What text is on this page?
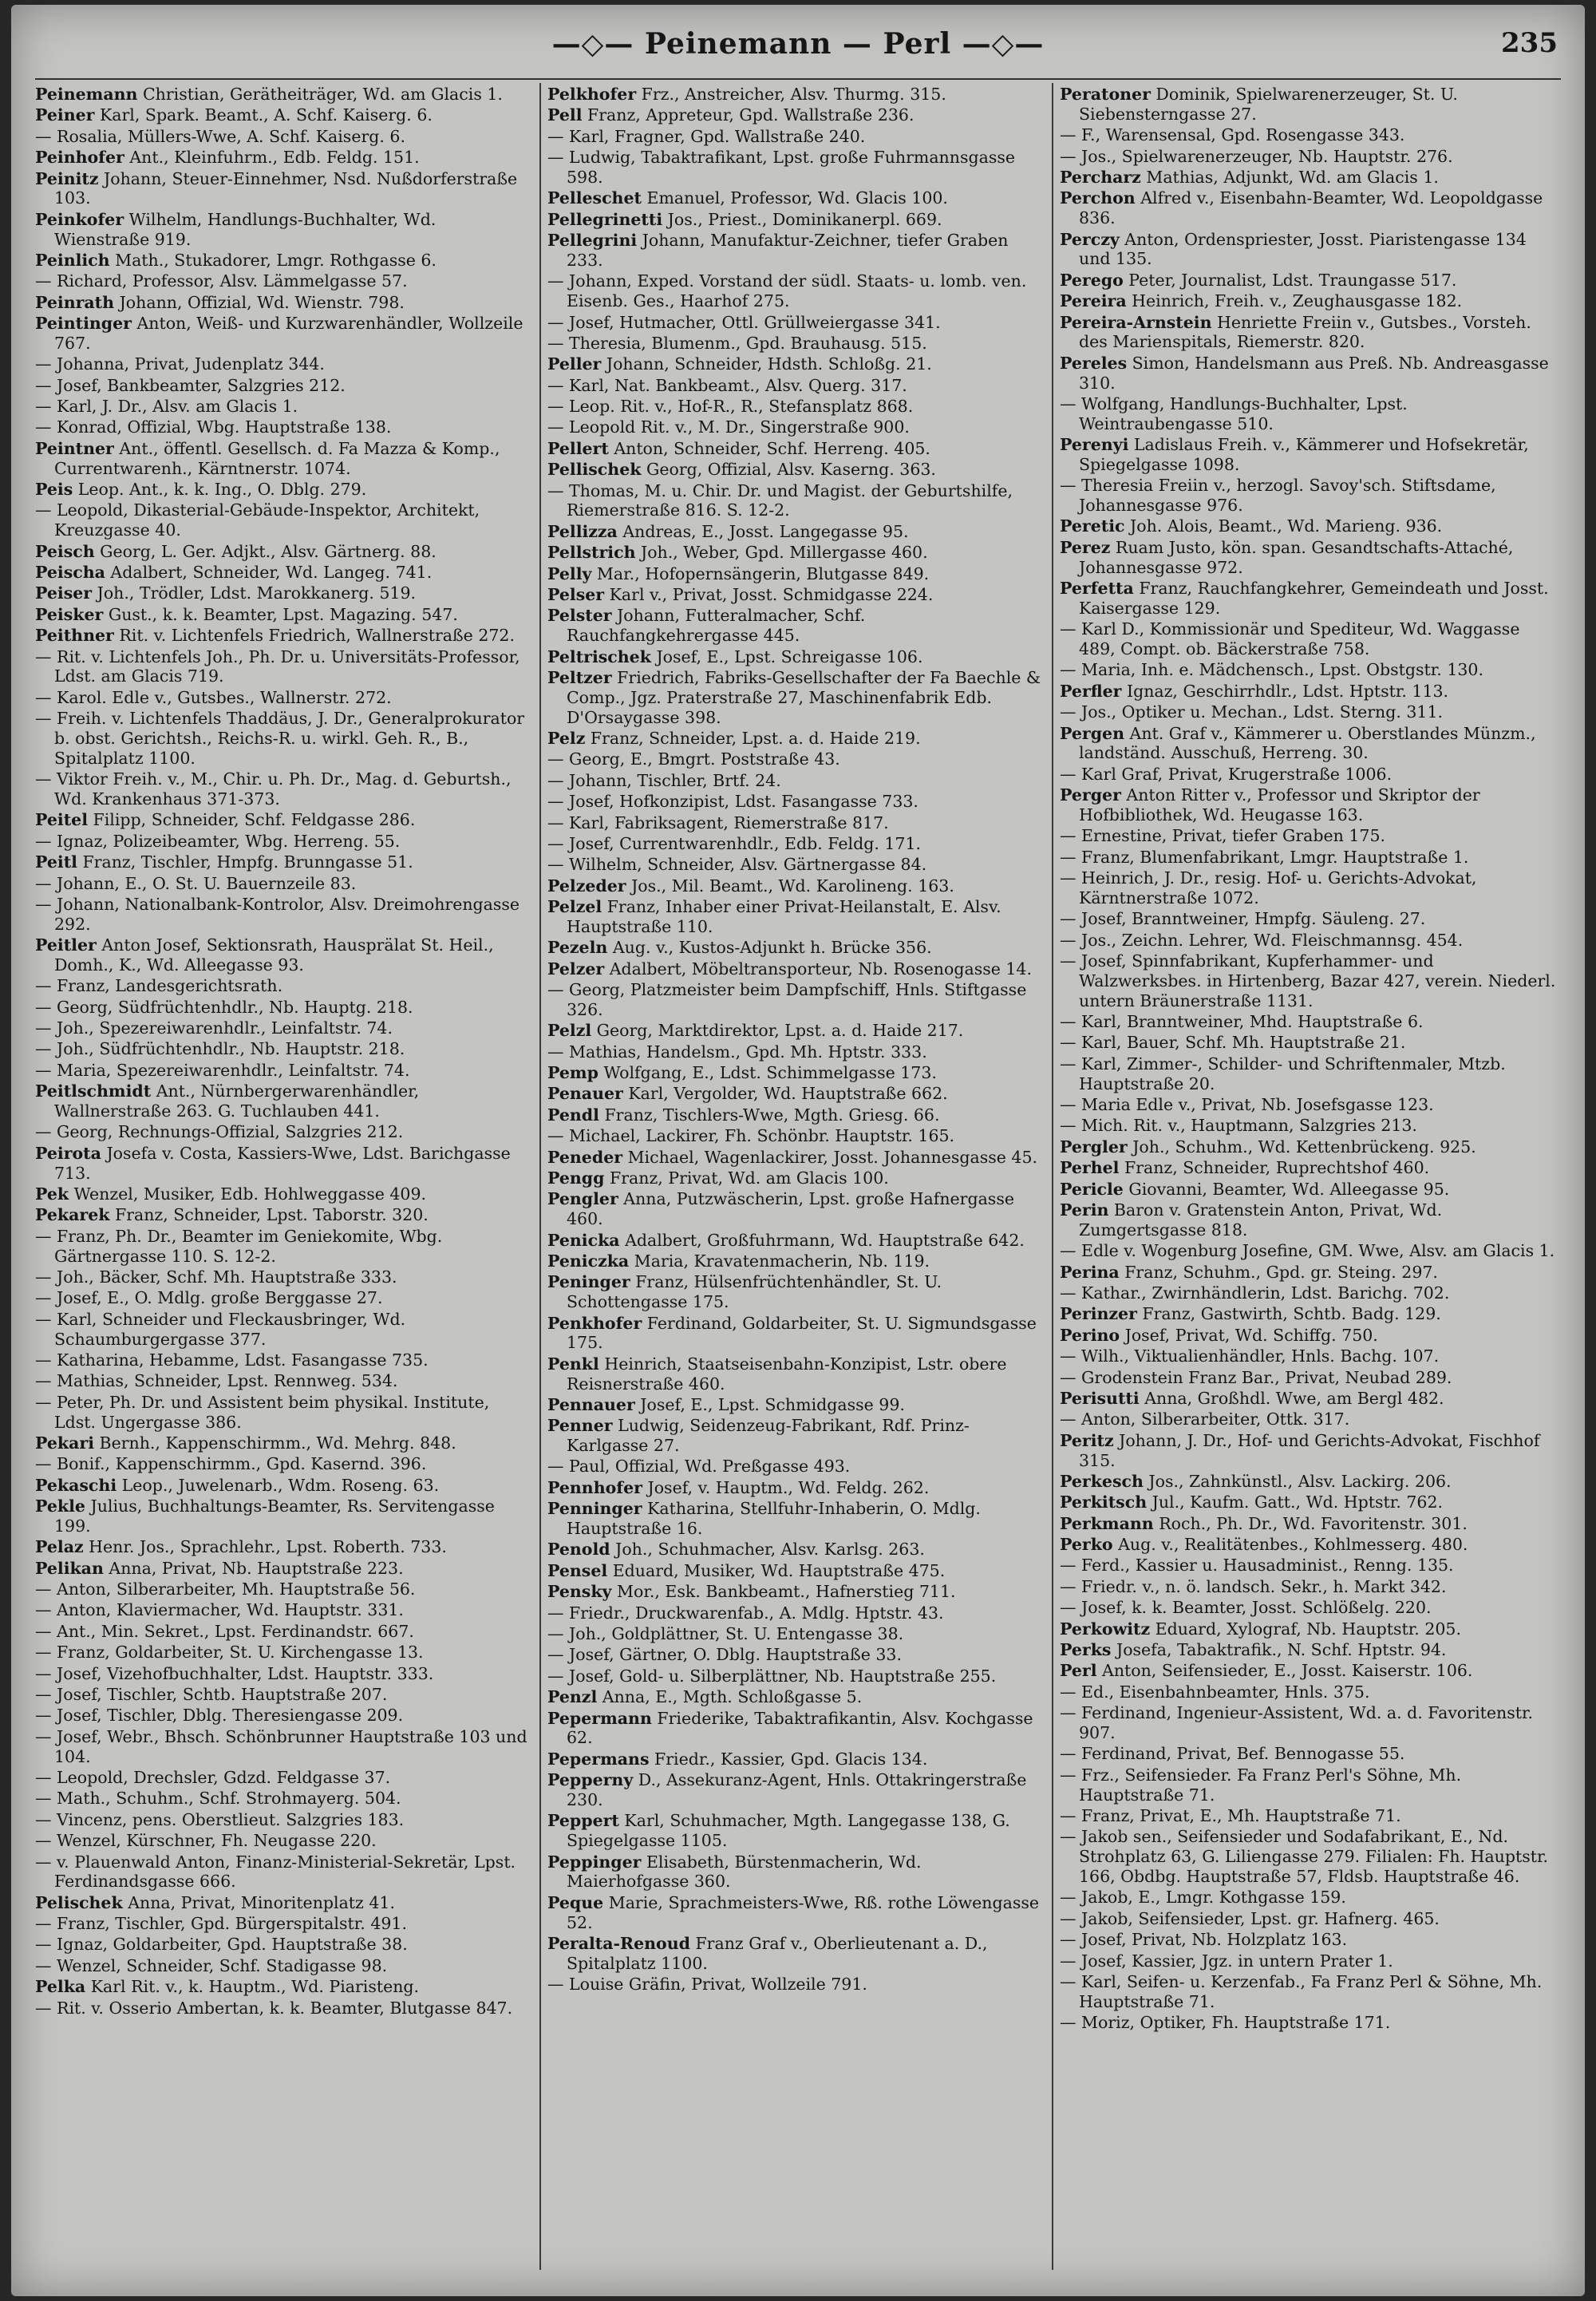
—◇— Peinemann — Perl —◇—	235
Peinemann Christian, Gerätheiträger, Wd. am Glacis 1.
Peiner Karl, Spark. Beamt., A. Schf. Kaiserg. 6.
— Rosalia, Müllers-Wwe, A. Schf. Kaiserg. 6.
Peinhofer Ant., Kleinfuhrm., Edb. Feldg. 151.
Peinitz Johann, Steuer-Einnehmer, Nsd. Nußdorferstraße 103.
Peinkofer Wilhelm, Handlungs-Buchhalter, Wd. Wienstraße 919.
Peinlich Math., Stukadorer, Lmgr. Rothgasse 6.
— Richard, Professor, Alsv. Lämmelgasse 57.
Peinrath Johann, Offizial, Wd. Wienstr. 798.
Peintinger Anton, Weiß- und Kurzwarenhändler, Wollzeile 767.
— Johanna, Privat, Judenplatz 344.
— Josef, Bankbeamter, Salzgries 212.
— Karl, J. Dr., Alsv. am Glacis 1.
— Konrad, Offizial, Wbg. Hauptstraße 138.
Peintner Ant., öffentl. Gesellsch. d. Fa Mazza & Komp., Currentwarenh., Kärntnerstr. 1074.
Peis Leop. Ant., k. k. Ing., O. Dblg. 279.
— Leopold, Dikasterial-Gebäude-Inspektor, Architekt, Kreuzgasse 40.
Peisch Georg, L. Ger. Adjkt., Alsv. Gärtnerg. 88.
Peischa Adalbert, Schneider, Wd. Langeg. 741.
Peiser Joh., Trödler, Ldst. Marokkanerg. 519.
Peisker Gust., k. k. Beamter, Lpst. Magazing. 547.
Peithner Rit. v. Lichtenfels Friedrich, Wallnerstraße 272.
— Rit. v. Lichtenfels Joh., Ph. Dr. u. Universitäts-Professor, Ldst. am Glacis 719.
— Karol. Edle v., Gutsbes., Wallnerstr. 272.
— Freih. v. Lichtenfels Thaddäus, J. Dr., Generalprokurator b. obst. Gerichtsh., Reichs-R. u. wirkl. Geh. R., B., Spitalplatz 1100.
— Viktor Freih. v., M., Chir. u. Ph. Dr., Mag. d. Geburtsh., Wd. Krankenhaus 371-373.
Peitel Filipp, Schneider, Schf. Feldgasse 286.
— Ignaz, Polizeibeamter, Wbg. Herreng. 55.
Peitl Franz, Tischler, Hmpfg. Brunngasse 51.
— Johann, E., O. St. U. Bauernzeile 83.
— Johann, Nationalbank-Kontrolor, Alsv. Dreimohrengasse 292.
Peitler Anton Josef, Sektionsrath, Hausprälat St. Heil., Domh., K., Wd. Alleegasse 93.
— Franz, Landesgerichtsrath.
— Georg, Südfrüchtenhdlr., Nb. Hauptg. 218.
— Joh., Spezereiwarenhdlr., Leinfaltstr. 74.
— Joh., Südfrüchtenhdlr., Nb. Hauptstr. 218.
— Maria, Spezereiwarenhdlr., Leinfaltstr. 74.
Peitlschmidt Ant., Nürnbergerwarenhändler, Wallnerstraße 263. G. Tuchlauben 441.
— Georg, Rechnungs-Offizial, Salzgries 212.
Peirota Josefa v. Costa, Kassiers-Wwe, Ldst. Barichgasse 713.
Pek Wenzel, Musiker, Edb. Hohlweggasse 409.
Pekarek Franz, Schneider, Lpst. Taborstr. 320.
— Franz, Ph. Dr., Beamter im Geniekomite, Wbg. Gärtnergasse 110. S. 12-2.
— Joh., Bäcker, Schf. Mh. Hauptstraße 333.
— Josef, E., O. Mdlg. große Berggasse 27.
— Karl, Schneider und Fleckausbringer, Wd. Schaumburgergasse 377.
— Katharina, Hebamme, Ldst. Fasangasse 735.
— Mathias, Schneider, Lpst. Rennweg. 534.
— Peter, Ph. Dr. und Assistent beim physikal. Institute, Ldst. Ungergasse 386.
Pekari Bernh., Kappenschirmm., Wd. Mehrg. 848.
— Bonif., Kappenschirmm., Gpd. Kasernd. 396.
Pekaschi Leop., Juwelenarb., Wdm. Roseng. 63.
Pekle Julius, Buchhaltungs-Beamter, Rs. Servitengasse 199.
Pelaz Henr. Jos., Sprachlehr., Lpst. Roberth. 733.
Pelikan Anna, Privat, Nb. Hauptstraße 223.
— Anton, Silberarbeiter, Mh. Hauptstraße 56.
— Anton, Klaviermacher, Wd. Hauptstr. 331.
— Ant., Min. Sekret., Lpst. Ferdinandstr. 667.
— Franz, Goldarbeiter, St. U. Kirchengasse 13.
— Josef, Vizehofbuchhalter, Ldst. Hauptstr. 333.
— Josef, Tischler, Schtb. Hauptstraße 207.
— Josef, Tischler, Dblg. Theresiengasse 209.
— Josef, Webr., Bhsch. Schönbrunner Hauptstraße 103 und 104.
— Leopold, Drechsler, Gdzd. Feldgasse 37.
— Math., Schuhm., Schf. Strohmayerg. 504.
— Vincenz, pens. Oberstlieut. Salzgries 183.
— Wenzel, Kürschner, Fh. Neugasse 220.
— v. Plauenwald Anton, Finanz-Ministerial-Sekretär, Lpst. Ferdinandsgasse 666.
Pelischek Anna, Privat, Minoritenplatz 41.
— Franz, Tischler, Gpd. Bürgerspitalstr. 491.
— Ignaz, Goldarbeiter, Gpd. Hauptstraße 38.
— Wenzel, Schneider, Schf. Stadigasse 98.
Pelka Karl Rit. v., k. Hauptm., Wd. Piaristeng.
— Rit. v. Osserio Ambertan, k. k. Beamter, Blutgasse 847.
Pelkhofer Frz., Anstreicher, Alsv. Thurmg. 315.
Pell Franz, Appreteur, Gpd. Wallstraße 236.
— Karl, Fragner, Gpd. Wallstraße 240.
— Ludwig, Tabaktrafikant, Lpst. große Fuhrmannsgasse 598.
Pelleschet Emanuel, Professor, Wd. Glacis 100.
Pellegrinetti Jos., Priest., Dominikanerpl. 669.
Pellegrini Johann, Manufaktur-Zeichner, tiefer Graben 233.
— Johann, Exped. Vorstand der südl. Staats- u. lomb. ven. Eisenb. Ges., Haarhof 275.
— Josef, Hutmacher, Ottl. Grüllweiergasse 341.
— Theresia, Blumenm., Gpd. Brauhausg. 515.
Peller Johann, Schneider, Hdsth. Schloßg. 21.
— Karl, Nat. Bankbeamt., Alsv. Querg. 317.
— Leop. Rit. v., Hof-R., R., Stefansplatz 868.
— Leopold Rit. v., M. Dr., Singerstraße 900.
Pellert Anton, Schneider, Schf. Herreng. 405.
Pellischek Georg, Offizial, Alsv. Kaserng. 363.
— Thomas, M. u. Chir. Dr. und Magist. der Geburtshilfe, Riemerstraße 816. S. 12-2.
Pellizza Andreas, E., Josst. Langegasse 95.
Pellstrich Joh., Weber, Gpd. Millergasse 460.
Pelly Mar., Hofopernsängerin, Blutgasse 849.
Pelser Karl v., Privat, Josst. Schmidgasse 224.
Pelster Johann, Futteralmacher, Schf. Rauchfangkehrergasse 445.
Peltrischek Josef, E., Lpst. Schreigasse 106.
Peltzer Friedrich, Fabriks-Gesellschafter der Fa Baechle & Comp., Jgz. Praterstraße 27, Maschinenfabrik Edb. D'Orsaygasse 398.
Pelz Franz, Schneider, Lpst. a. d. Haide 219.
— Georg, E., Bmgrt. Poststraße 43.
— Johann, Tischler, Brtf. 24.
— Josef, Hofkonzipist, Ldst. Fasangasse 733.
— Karl, Fabriksagent, Riemerstraße 817.
— Josef, Currentwarenhdlr., Edb. Feldg. 171.
— Wilhelm, Schneider, Alsv. Gärtnergasse 84.
Pelzeder Jos., Mil. Beamt., Wd. Karolineng. 163.
Pelzel Franz, Inhaber einer Privat-Heilanstalt, E. Alsv. Hauptstraße 110.
Pezeln Aug. v., Kustos-Adjunkt h. Brücke 356.
Pelzer Adalbert, Möbeltransporteur, Nb. Rosenogasse 14.
— Georg, Platzmeister beim Dampfschiff, Hnls. Stiftgasse 326.
Pelzl Georg, Marktdirektor, Lpst. a. d. Haide 217.
— Mathias, Handelsm., Gpd. Mh. Hptstr. 333.
Pemp Wolfgang, E., Ldst. Schimmelgasse 173.
Penauer Karl, Vergolder, Wd. Hauptstraße 662.
Pendl Franz, Tischlers-Wwe, Mgth. Griesg. 66.
— Michael, Lackirer, Fh. Schönbr. Hauptstr. 165.
Peneder Michael, Wagenlackirer, Josst. Johannesgasse 45.
Pengg Franz, Privat, Wd. am Glacis 100.
Pengler Anna, Putzwäscherin, Lpst. große Hafnergasse 460.
Penicka Adalbert, Großfuhrmann, Wd. Hauptstraße 642.
Peniczka Maria, Kravatenmacherin, Nb. 119.
Peninger Franz, Hülsenfrüchtenhändler, St. U. Schottengasse 175.
Penkhofer Ferdinand, Goldarbeiter, St. U. Sigmundsgasse 175.
Penkl Heinrich, Staatseisenbahn-Konzipist, Lstr. obere Reisnerstraße 460.
Pennauer Josef, E., Lpst. Schmidgasse 99.
Penner Ludwig, Seidenzeug-Fabrikant, Rdf. Prinz-Karlgasse 27.
— Paul, Offizial, Wd. Preßgasse 493.
Pennhofer Josef, v. Hauptm., Wd. Feldg. 262.
Penninger Katharina, Stellfuhr-Inhaberin, O. Mdlg. Hauptstraße 16.
Penold Joh., Schuhmacher, Alsv. Karlsg. 263.
Pensel Eduard, Musiker, Wd. Hauptstraße 475.
Pensky Mor., Esk. Bankbeamt., Hafnerstieg 711.
— Friedr., Druckwarenfab., A. Mdlg. Hptstr. 43.
— Joh., Goldplättner, St. U. Entengasse 38.
— Josef, Gärtner, O. Dblg. Hauptstraße 33.
— Josef, Gold- u. Silberplättner, Nb. Hauptstraße 255.
Penzl Anna, E., Mgth. Schloßgasse 5.
Pepermann Friederike, Tabaktrafikantin, Alsv. Kochgasse 62.
Pepermans Friedr., Kassier, Gpd. Glacis 134.
Pepperny D., Assekuranz-Agent, Hnls. Ottakringerstraße 230.
Peppert Karl, Schuhmacher, Mgth. Langegasse 138, G. Spiegelgasse 1105.
Peppinger Elisabeth, Bürstenmacherin, Wd. Maierhofgasse 360.
Peque Marie, Sprachmeisters-Wwe, Rß. rothe Löwengasse 52.
Peralta-Renoud Franz Graf v., Oberlieutenant a. D., Spitalplatz 1100.
— Louise Gräfin, Privat, Wollzeile 791.
Peratoner Dominik, Spielwarenerzeuger, St. U. Siebensterngasse 27.
— F., Warensensal, Gpd. Rosengasse 343.
— Jos., Spielwarenerzeuger, Nb. Hauptstr. 276.
Percharz Mathias, Adjunkt, Wd. am Glacis 1.
Perchon Alfred v., Eisenbahn-Beamter, Wd. Leopoldgasse 836.
Perczy Anton, Ordenspriester, Josst. Piaristengasse 134 und 135.
Perego Peter, Journalist, Ldst. Traungasse 517.
Pereira Heinrich, Freih. v., Zeughausgasse 182.
Pereira-Arnstein Henriette Freiin v., Gutsbes., Vorsteh. des Marienspitals, Riemerstr. 820.
Pereles Simon, Handelsmann aus Preß. Nb. Andreasgasse 310.
— Wolfgang, Handlungs-Buchhalter, Lpst. Weintraubengasse 510.
Perenyi Ladislaus Freih. v., Kämmerer und Hofsekretär, Spiegelgasse 1098.
— Theresia Freiin v., herzogl. Savoy'sch. Stiftsdame, Johannesgasse 976.
Peretic Joh. Alois, Beamt., Wd. Marieng. 936.
Perez Ruam Justo, kön. span. Gesandtschafts-Attaché, Johannesgasse 972.
Perfetta Franz, Rauchfangkehrer, Gemeindeath und Josst. Kaisergasse 129.
— Karl D., Kommissionär und Spediteur, Wd. Waggasse 489, Compt. ob. Bäckerstraße 758.
— Maria, Inh. e. Mädchensch., Lpst. Obstgstr. 130.
Perfler Ignaz, Geschirrhdlr., Ldst. Hptstr. 113.
— Jos., Optiker u. Mechan., Ldst. Sterng. 311.
Pergen Ant. Graf v., Kämmerer u. Oberstlandes Münzm., landständ. Ausschuß, Herreng. 30.
— Karl Graf, Privat, Krugerstraße 1006.
Perger Anton Ritter v., Professor und Skriptor der Hofbibliothek, Wd. Heugasse 163.
— Ernestine, Privat, tiefer Graben 175.
— Franz, Blumenfabrikant, Lmgr. Hauptstraße 1.
— Heinrich, J. Dr., resig. Hof- u. Gerichts-Advokat, Kärntnerstraße 1072.
— Josef, Branntweiner, Hmpfg. Säuleng. 27.
— Jos., Zeichn. Lehrer, Wd. Fleischmannsg. 454.
— Josef, Spinnfabrikant, Kupferhammer- und Walzwerksbes. in Hirtenberg, Bazar 427, verein. Niederl. untern Bräunerstraße 1131.
— Karl, Branntweiner, Mhd. Hauptstraße 6.
— Karl, Bauer, Schf. Mh. Hauptstraße 21.
— Karl, Zimmer-, Schilder- und Schriftenmaler, Mtzb. Hauptstraße 20.
— Maria Edle v., Privat, Nb. Josefsgasse 123.
— Mich. Rit. v., Hauptmann, Salzgries 213.
Pergler Joh., Schuhm., Wd. Kettenbrückeng. 925.
Perhel Franz, Schneider, Ruprechtshof 460.
Pericle Giovanni, Beamter, Wd. Alleegasse 95.
Perin Baron v. Gratenstein Anton, Privat, Wd. Zumgertsgasse 818.
— Edle v. Wogenburg Josefine, GM. Wwe, Alsv. am Glacis 1.
Perina Franz, Schuhm., Gpd. gr. Steing. 297.
— Kathar., Zwirnhändlerin, Ldst. Barichg. 702.
Perinzer Franz, Gastwirth, Schtb. Badg. 129.
Perino Josef, Privat, Wd. Schiffg. 750.
— Wilh., Viktualienhändler, Hnls. Bachg. 107.
— Grodenstein Franz Bar., Privat, Neubad 289.
Perisutti Anna, Großhdl. Wwe, am Bergl 482.
— Anton, Silberarbeiter, Ottk. 317.
Peritz Johann, J. Dr., Hof- und Gerichts-Advokat, Fischhof 315.
Perkesch Jos., Zahnkünstl., Alsv. Lackirg. 206.
Perkitsch Jul., Kaufm. Gatt., Wd. Hptstr. 762.
Perkmann Roch., Ph. Dr., Wd. Favoritenstr. 301.
Perko Aug. v., Realitätenbes., Kohlmesserg. 480.
— Ferd., Kassier u. Hausadminist., Renng. 135.
— Friedr. v., n. ö. landsch. Sekr., h. Markt 342.
— Josef, k. k. Beamter, Josst. Schlößelg. 220.
Perkowitz Eduard, Xylograf, Nb. Hauptstr. 205.
Perks Josefa, Tabaktrafik., N. Schf. Hptstr. 94.
Perl Anton, Seifensieder, E., Josst. Kaiserstr. 106.
— Ed., Eisenbahnbeamter, Hnls. 375.
— Ferdinand, Ingenieur-Assistent, Wd. a. d. Favoritenstr. 907.
— Ferdinand, Privat, Bef. Bennogasse 55.
— Frz., Seifensieder. Fa Franz Perl's Söhne, Mh. Hauptstraße 71.
— Franz, Privat, E., Mh. Hauptstraße 71.
— Jakob sen., Seifensieder und Sodafabrikant, E., Nd. Strohplatz 63, G. Liliengasse 279. Filialen: Fh. Hauptstr. 166, Obdbg. Hauptstraße 57, Fldsb. Hauptstraße 46.
— Jakob, E., Lmgr. Kothgasse 159.
— Jakob, Seifensieder, Lpst. gr. Hafnerg. 465.
— Josef, Privat, Nb. Holzplatz 163.
— Josef, Kassier, Jgz. in untern Prater 1.
— Karl, Seifen- u. Kerzenfab., Fa Franz Perl & Söhne, Mh. Hauptstraße 71.
— Moriz, Optiker, Fh. Hauptstraße 171.
